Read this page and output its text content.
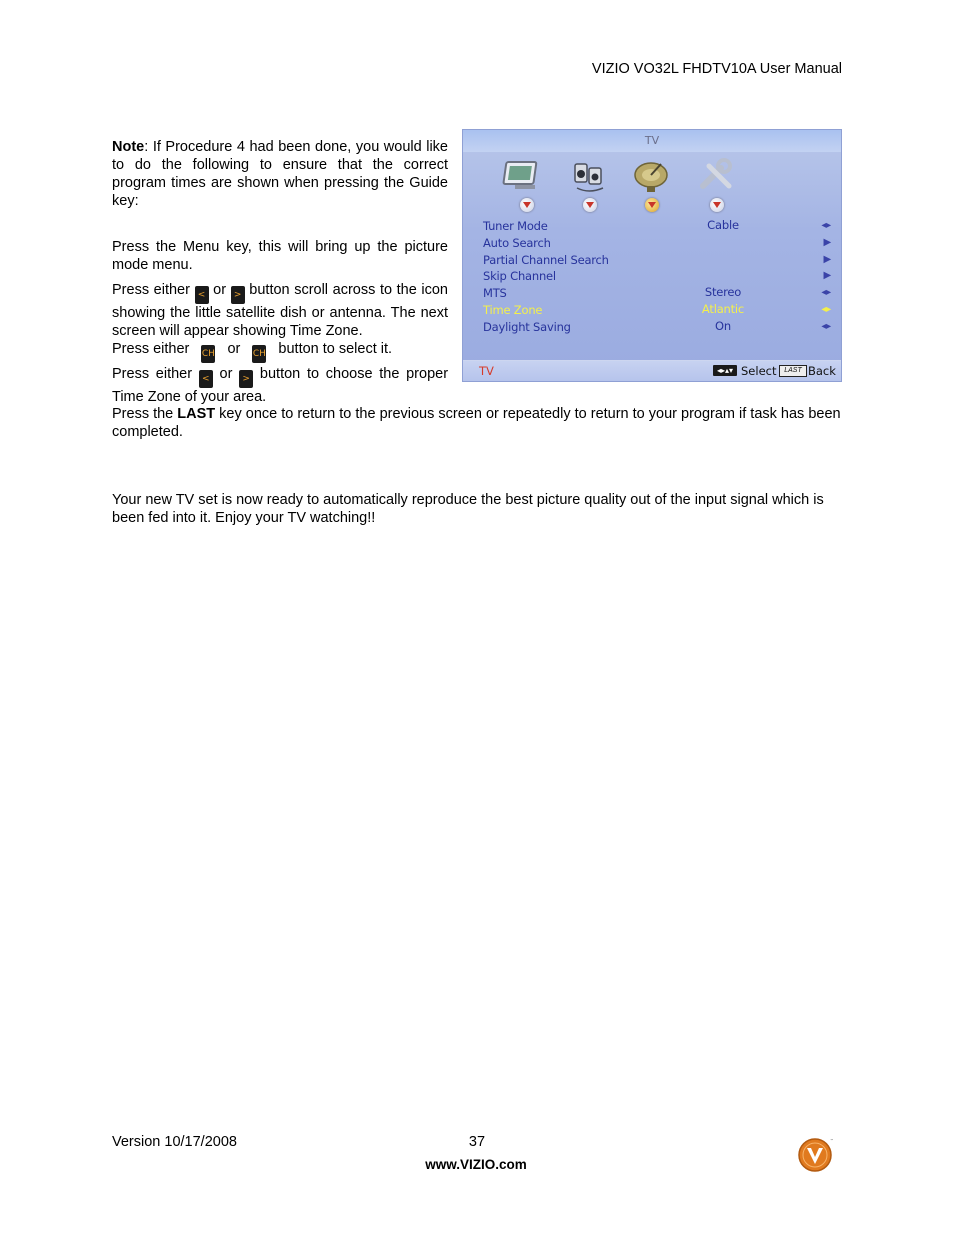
VIZIO VO32L FHDTV10A User Manual

Note: If Procedure 4 had been done, you would like to do the following to ensure that the correct program times are shown when pressing the Guide key:

Press the Menu key, this will bring up the picture mode menu.

Press either < or > button scroll across to the icon showing the little satellite dish or antenna. The next screen will appear showing Time Zone.

Press either CH or CH button to select it.

Press either < or > button to choose the proper Time Zone of your area.

Press the LAST key once to return to the previous screen or repeatedly to return to your program if task has been completed.

Your new TV set is now ready to automatically reproduce the best picture quality out of the input signal which is been fed into it. Enjoy your TV watching!!

TV
Tuner Mode	Cable	◂▸
Auto Search	▶
Partial Channel Search	▶
Skip Channel	▶
MTS	Stereo	◂▸
Time Zone	Atlantic	◂▸
Daylight Saving	On	◂▸
TV	◂▸▴▾ Select	LAST Back
Version 10/17/2008	37
www.VIZIO.com
™
